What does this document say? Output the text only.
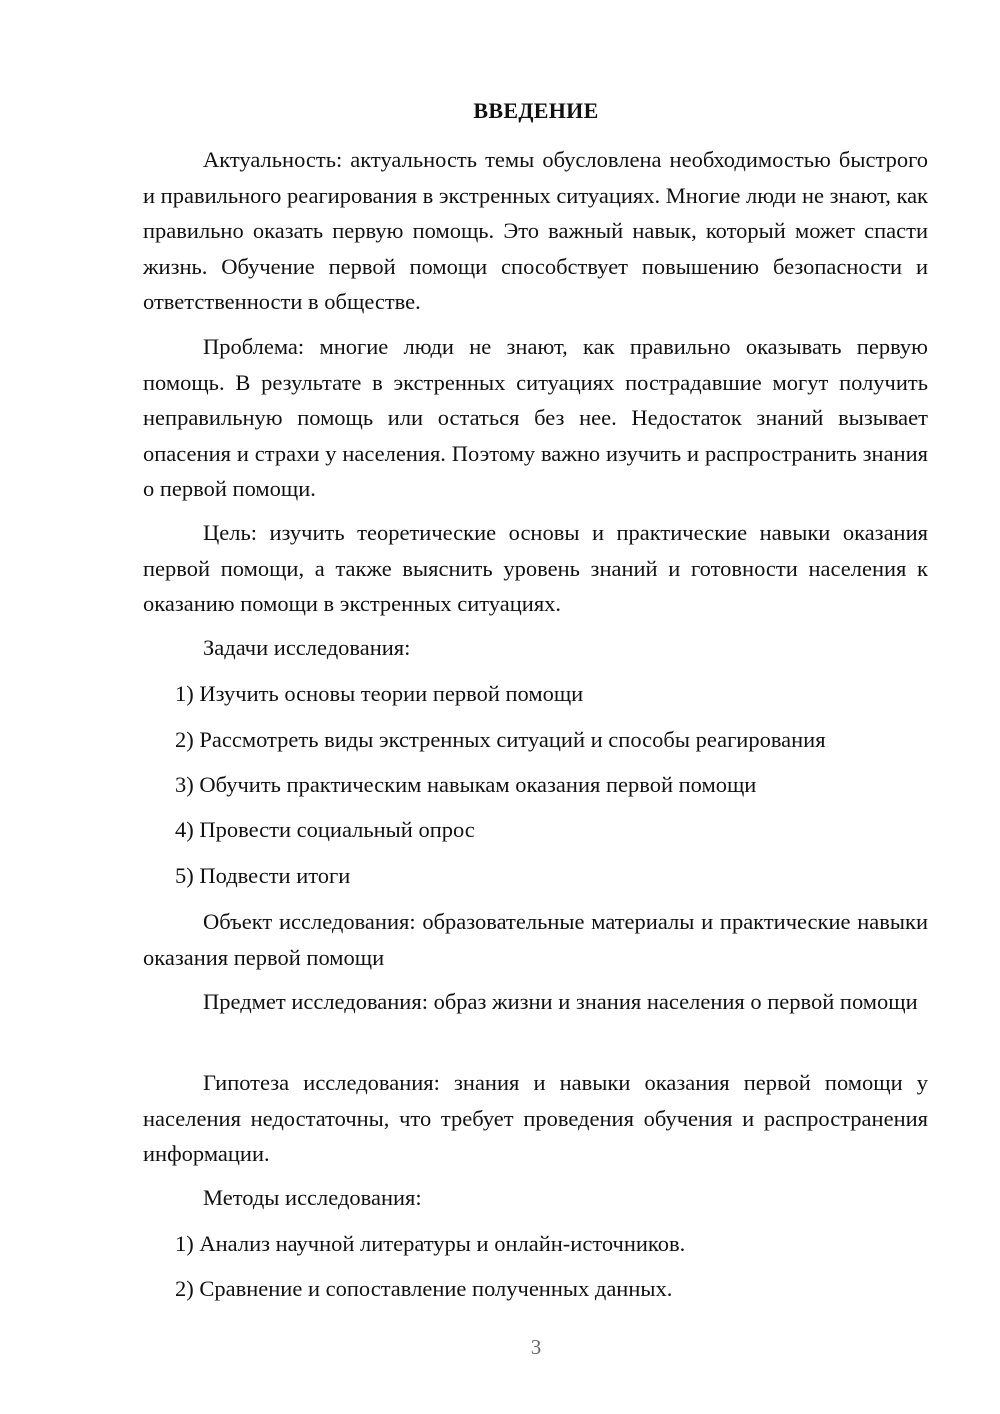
ВВЕДЕНИЕ

Актуальность: актуальность темы обусловлена необходимостью быстрого и правильного реагирования в экстренных ситуациях. Многие люди не знают, как правильно оказать первую помощь. Это важный навык, который может спасти жизнь. Обучение первой помощи способствует повышению безопасности и ответственности в обществе.

Проблема: многие люди не знают, как правильно оказывать первую помощь. В результате в экстренных ситуациях пострадавшие могут получить неправильную помощь или остаться без нее. Недостаток знаний вызывает опасения и страхи у населения. Поэтому важно изучить и распространить знания о первой помощи.

Цель: изучить теоретические основы и практические навыки оказания первой помощи, а также выяснить уровень знаний и готовности населения к оказанию помощи в экстренных ситуациях.

Задачи исследования:

1) Изучить основы теории первой помощи

2) Рассмотреть виды экстренных ситуаций и способы реагирования

3) Обучить практическим навыкам оказания первой помощи

4) Провести социальный опрос

5) Подвести итоги

Объект исследования: образовательные материалы и практические навыки оказания первой помощи

Предмет исследования: образ жизни и знания населения о первой помощи

Гипотеза исследования: знания и навыки оказания первой помощи у населения недостаточны, что требует проведения обучения и распространения информации.

Методы исследования:

1) Анализ научной литературы и онлайн-источников.

2) Сравнение и сопоставление полученных данных.

3
